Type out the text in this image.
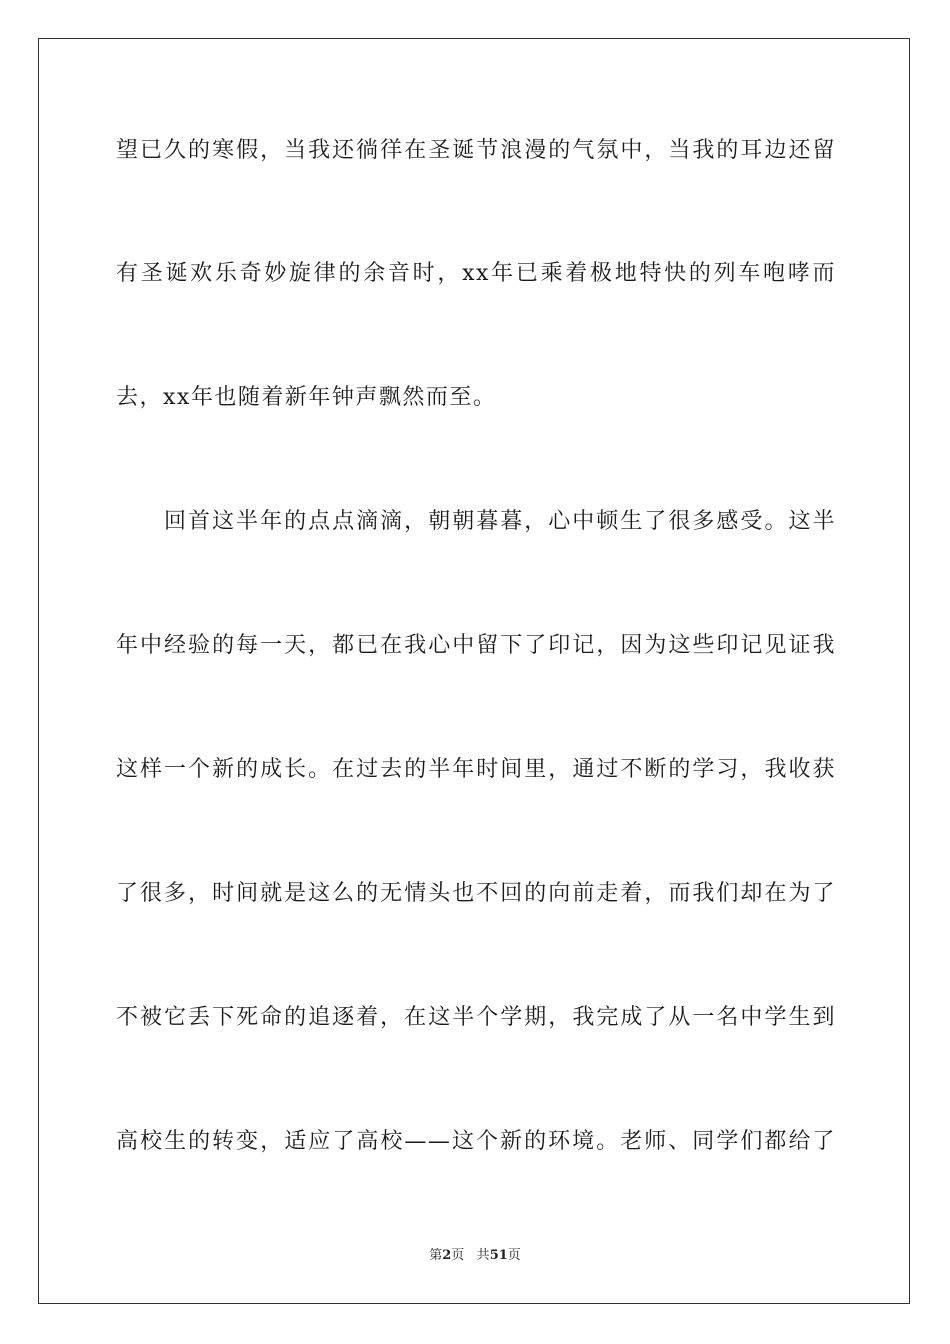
望已久的寒假，当我还徜徉在圣诞节浪漫的气氛中，当我的耳边还留
有圣诞欢乐奇妙旋律的余音时，xx年已乘着极地特快的列车咆哮而
去，xx年也随着新年钟声飘然而至。
回首这半年的点点滴滴，朝朝暮暮，心中顿生了很多感受。这半
年中经验的每一天，都已在我心中留下了印记，因为这些印记见证我
这样一个新的成长。在过去的半年时间里，通过不断的学习，我收获
了很多，时间就是这么的无情头也不回的向前走着，而我们却在为了
不被它丢下死命的追逐着，在这半个学期，我完成了从一名中学生到
高校生的转变，适应了高校——这个新的环境。老师、同学们都给了
第2页 共51页
